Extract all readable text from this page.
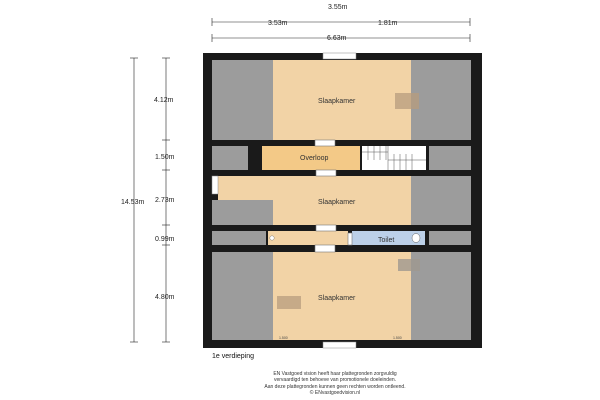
3.55m
3.53m	1.81m
6.63m
14.53m
4.12m
1.50m
2.73m
0.99m
4.80m
Slaapkamer
Overloop
Slaapkamer
Toilet
Slaapkamer
1.500	1.500
1e verdieping
EN Vastgoed vision heeft haar plattegronden zorgvuldig
vervaardigd ten behoeve van promotionele doeleinden.
Aan deze plattegronden kunnen geen rechten worden ontleend.
© ENvastgoedvision.nl
